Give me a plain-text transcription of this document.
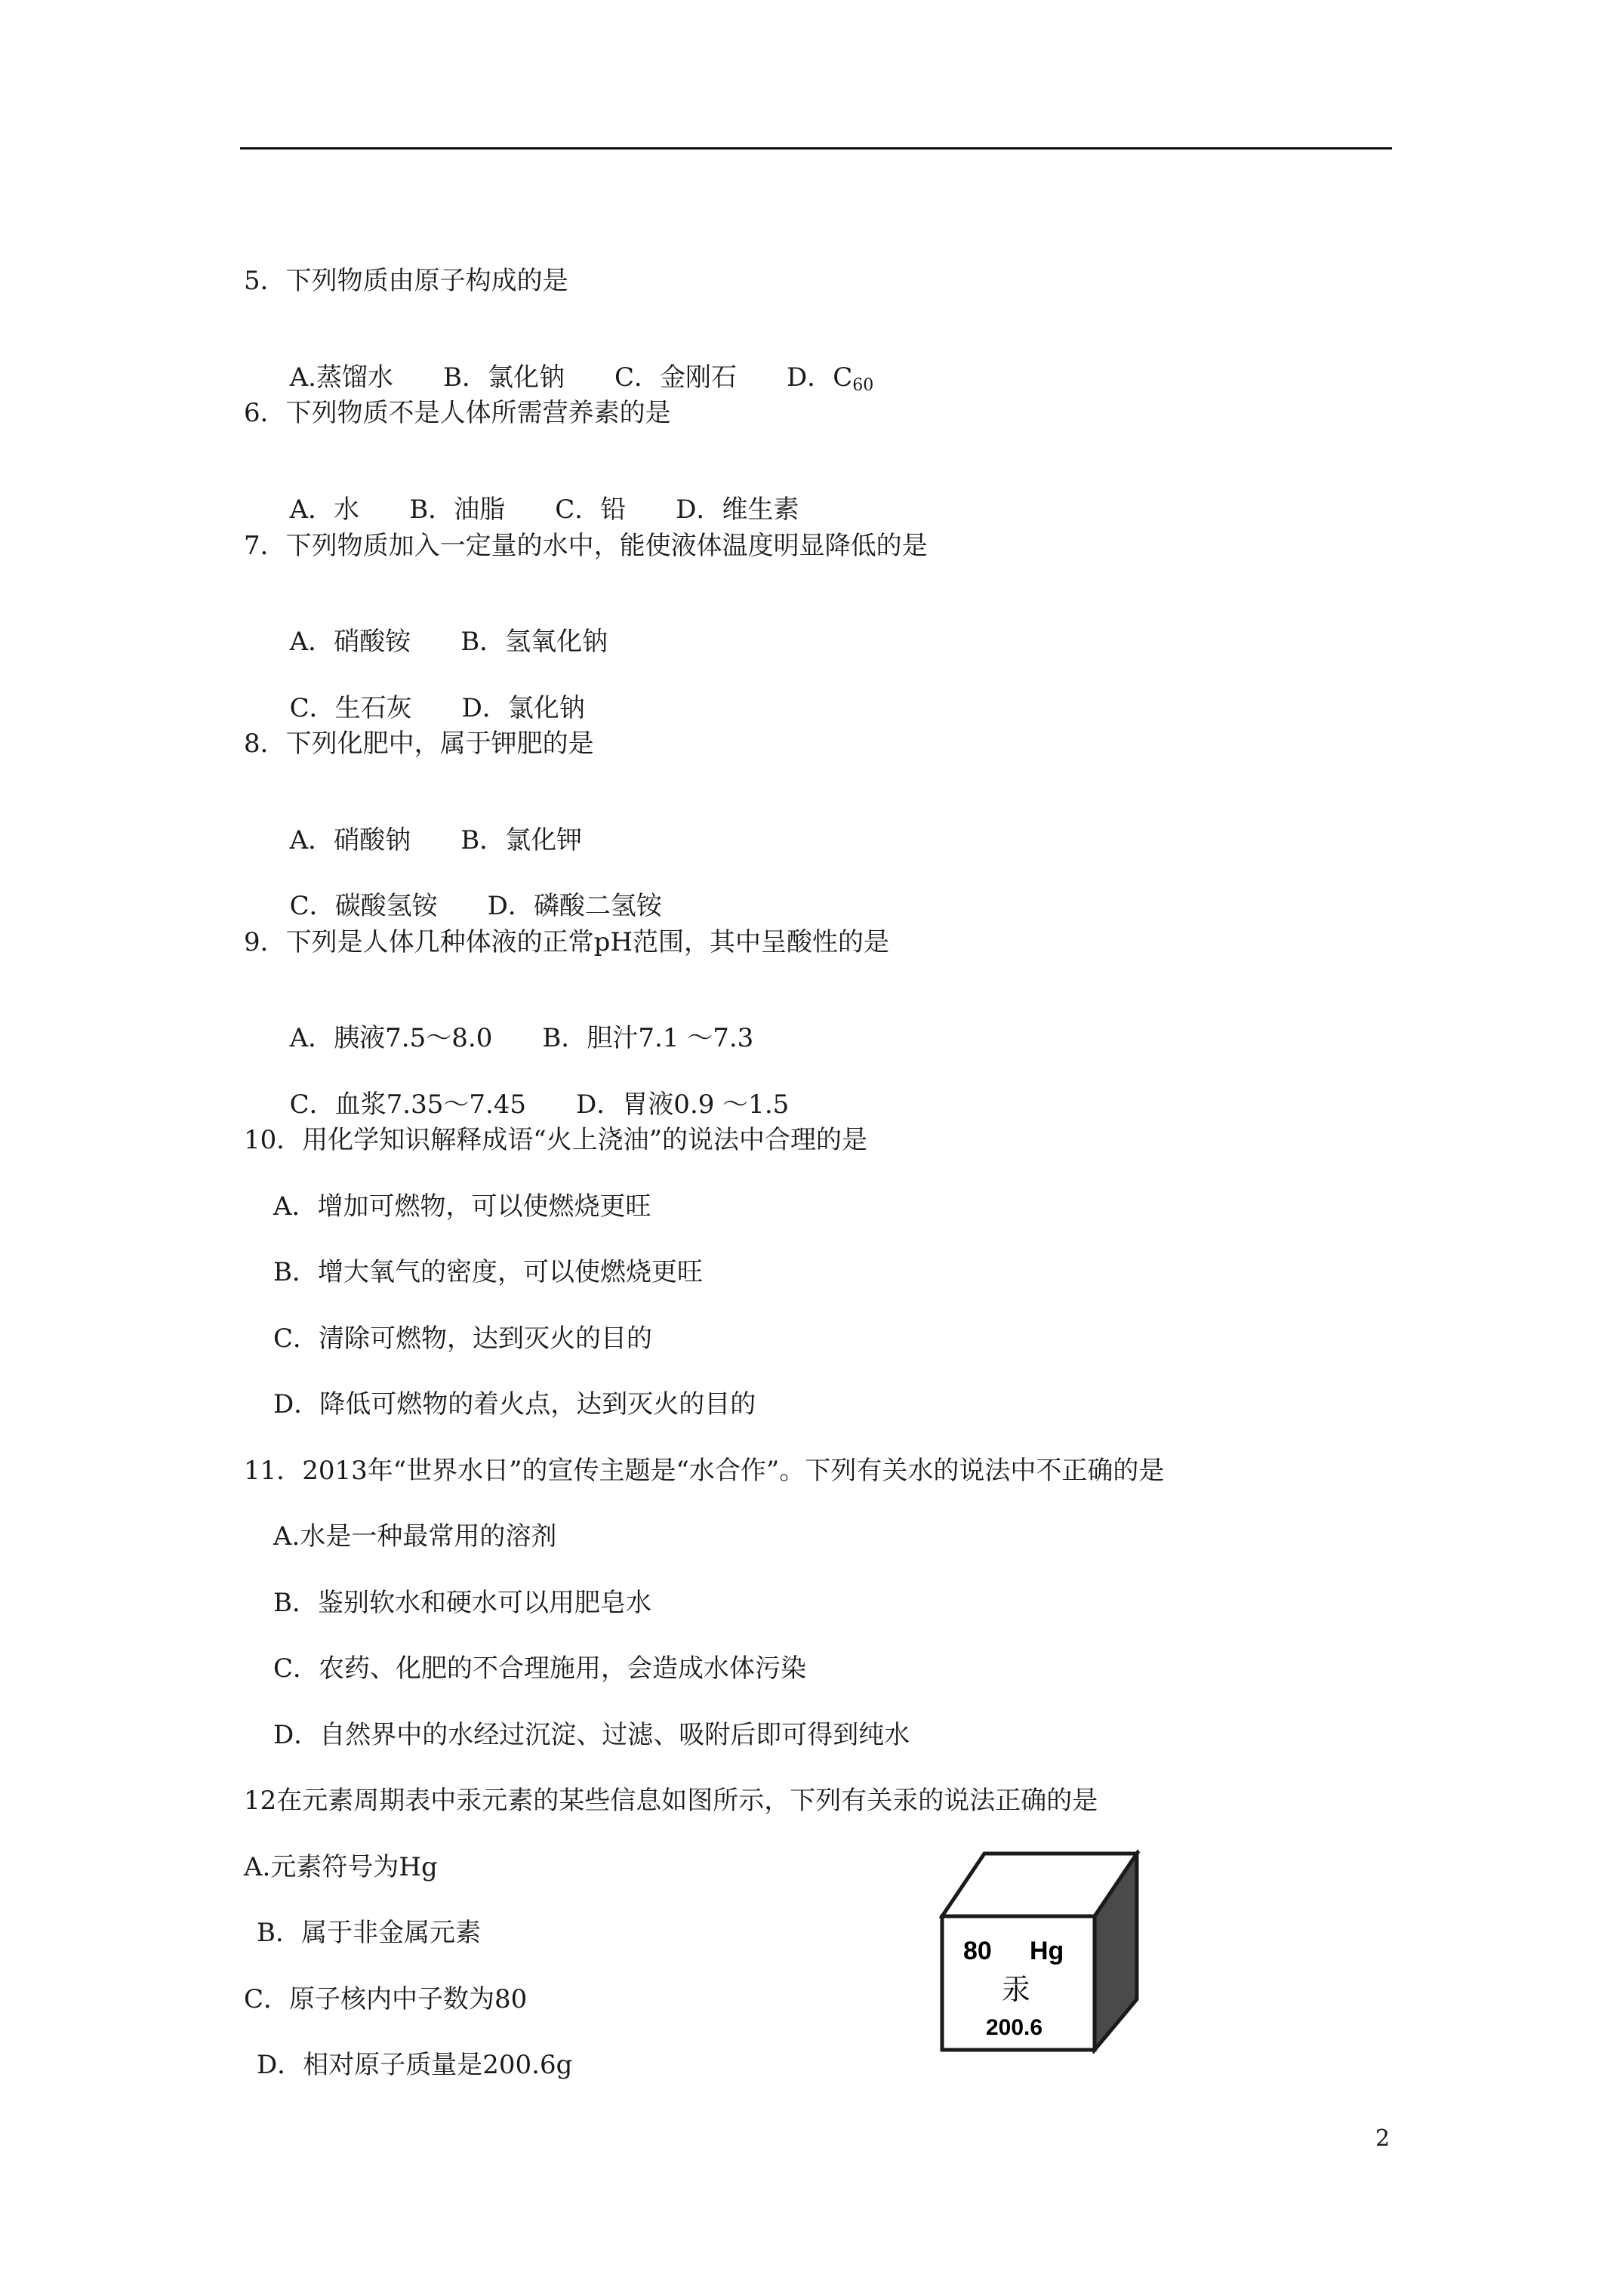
5．下列物质由原子构成的是

A.蒸馏水 B．氯化钠 C．金刚石 D．$C_{60}$

6．下列物质不是人体所需营养素的是

A．水 B．油脂 C．铅 D．维生素

7．下列物质加入一定量的水中，能使液体温度明显降低的是

A．硝酸铵 B．氢氧化钠

C．生石灰 D．氯化钠

8．下列化肥中，属于钾肥的是

A．硝酸钠 B．氯化钾

C．碳酸氢铵 D．磷酸二氢铵

9．下列是人体几种体液的正常pH范围，其中呈酸性的是

A．胰液7.5～8.0 B．胆汁7.1 ～7.3

C．血浆7.35～7.45 D．胃液0.9 ～1.5

10．用化学知识解释成语“火上浇油”的说法中合理的是
A．增加可燃物，可以使燃烧更旺
B．增大氧气的密度，可以使燃烧更旺
C．清除可燃物，达到灭火的目的
D．降低可燃物的着火点，达到灭火的目的
11．2013年“世界水日”的宣传主题是“水合作”。下列有关水的说法中不正确的是
A.水是一种最常用的溶剂
B．鉴别软水和硬水可以用肥皂水
C．农药、化肥的不合理施用，会造成水体污染
D．自然界中的水经过沉淀、过滤、吸附后即可得到纯水
12在元素周期表中汞元素的某些信息如图所示，下列有关汞的说法正确的是
A.元素符号为Hg
B．属于非金属元素
C．原子核内中子数为80
D．相对原子质量是200.6g
80 Hg
汞
200.6
2
